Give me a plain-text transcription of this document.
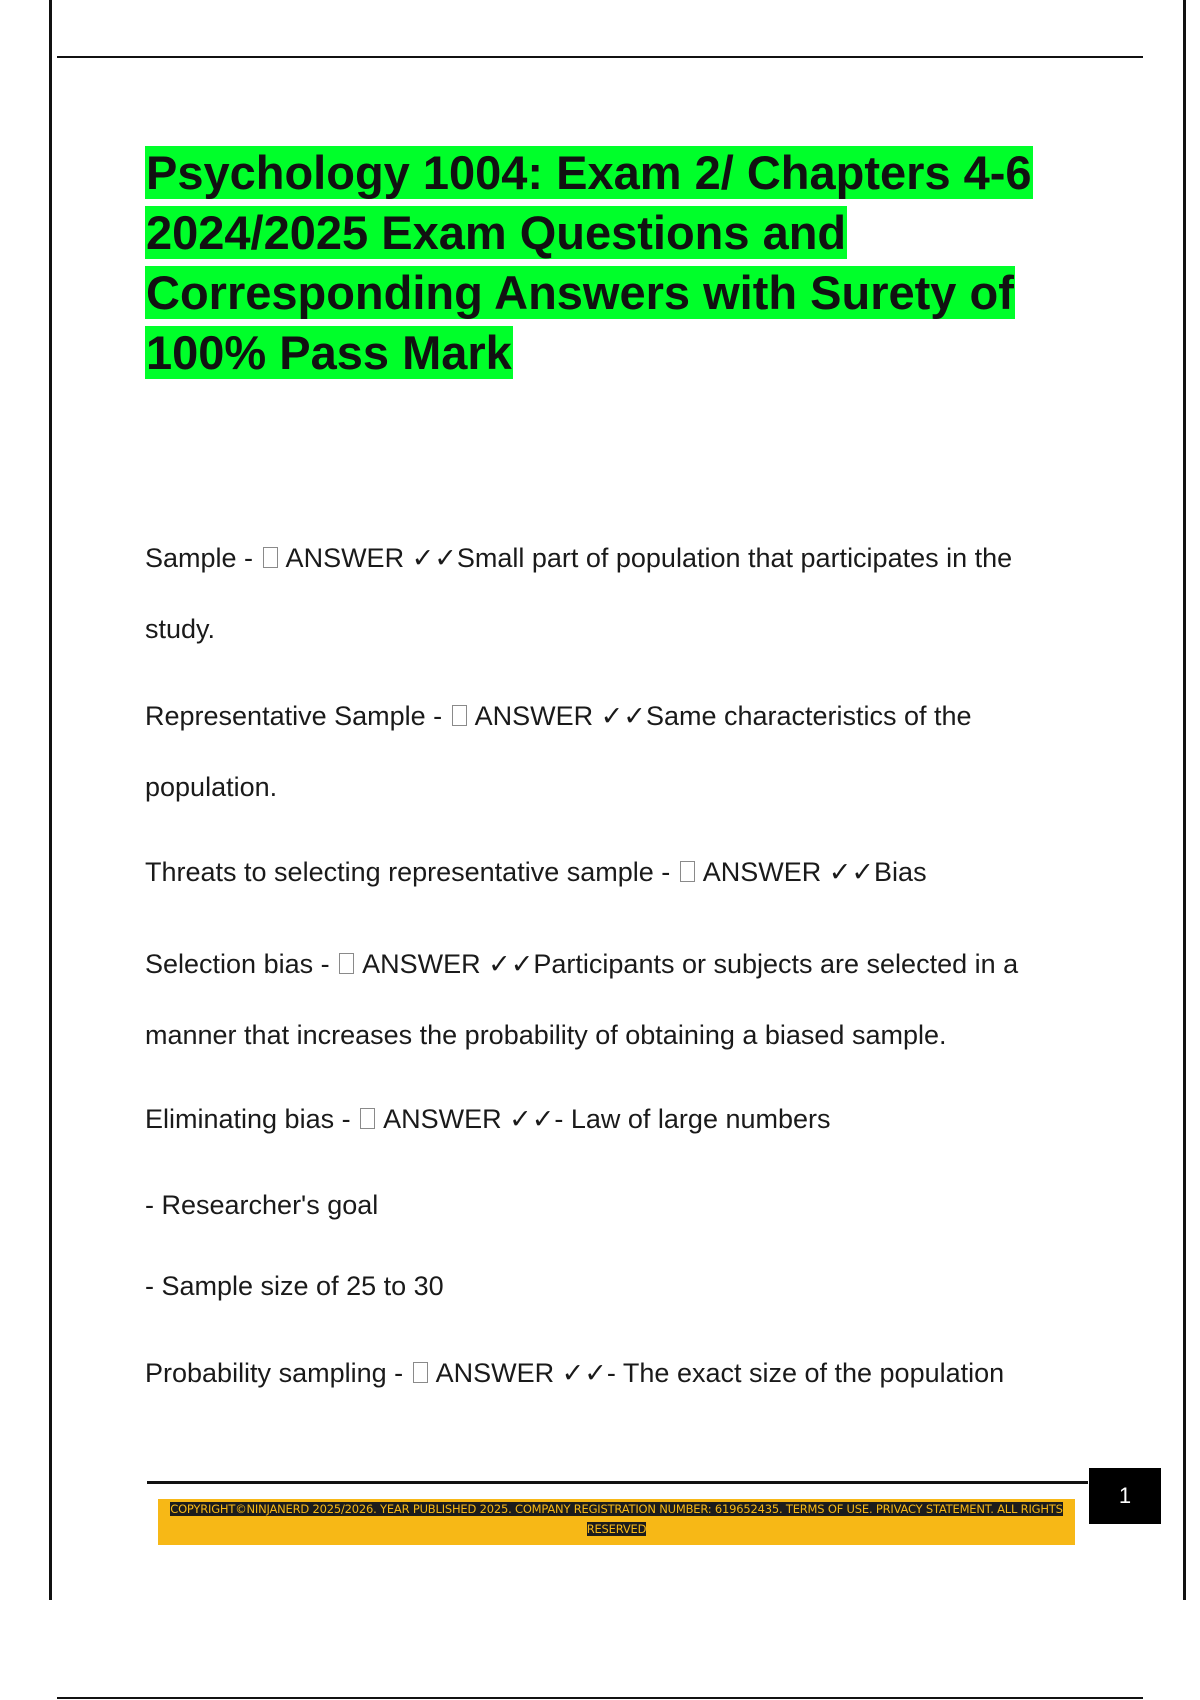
Psychology 1004: Exam 2/ Chapters 4-6 2024/2025 Exam Questions and Corresponding Answers with Surety of 100% Pass Mark

Sample -  ANSWER ✓✓Small part of population that participates in the study.

Representative Sample -  ANSWER ✓✓Same characteristics of the population.

Threats to selecting representative sample -  ANSWER ✓✓Bias

Selection bias -  ANSWER ✓✓Participants or subjects are selected in a manner that increases the probability of obtaining a biased sample.

Eliminating bias -  ANSWER ✓✓- Law of large numbers

- Researcher's goal

- Sample size of 25 to 30

Probability sampling -  ANSWER ✓✓- The exact size of the population

1
COPYRIGHT©NINJANERD 2025/2026. YEAR PUBLISHED 2025. COMPANY REGISTRATION NUMBER: 619652435. TERMS OF USE. PRIVACY STATEMENT. ALL RIGHTS RESERVED
